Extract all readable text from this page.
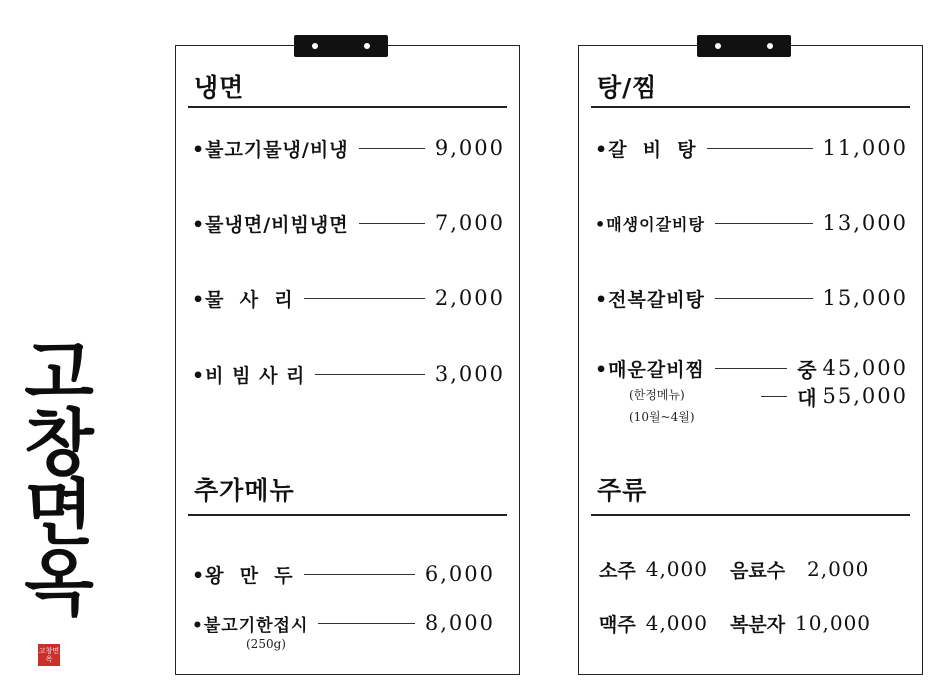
고
창
면
옥
고창면옥
냉면
•불고기물냉/비냉	9,000
•물냉면/비빔냉면	7,000
•물  사  리	2,000
•비 빔 사 리	3,000
추가메뉴
•왕  만  두	6,000
•불고기한접시	8,000
(250g)
탕/찜
•갈  비  탕	11,000
•매생이갈비탕	13,000
•전복갈비탕	15,000
•매운갈비찜	중 45,000
대 55,000
(한정메뉴)
(10월~4월)
주류
소주 4,000 음료수 2,000
맥주 4,000 복분자 10,000
